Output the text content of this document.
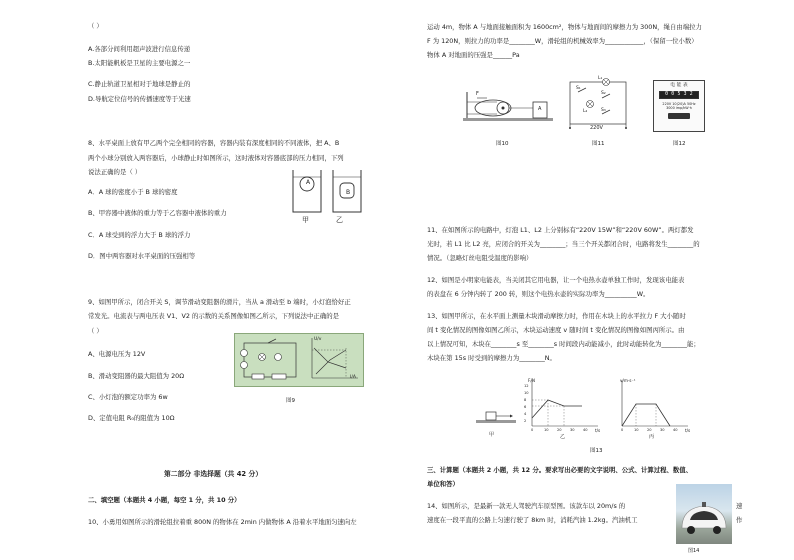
（ ）
A.各部分间利用超声波进行信息传递
B.太阳能帆板是卫星的主要电源之一
C.静止轨道卫星相对于地球是静止的
D.导航定位信号的传播速度等于光速
8、水平桌面上放有甲乙两个完全相同的容器，容器内装有深度相同的不同液体，把 A、B
两个小球分别放入两容器后，小球静止时如图所示，这时液体对容器底部的压力相同，下列
说法正确的是（ ）
A．A 球的密度小于 B 球的密度
B、甲容器中液体的重力等于乙容器中液体的重力
C．A 球受到的浮力大于 B 球的浮力
D．图中两容器对水平桌面的压强相等
A
B
甲	乙
9、如图甲所示，闭合开关 S，调节滑动变阻器的滑片，当从 a 滑动至 b 端时，小灯泡恰好正
常发光。电流表与两电压表 V1、V2 的示数的关系图像如图乙所示，下列说法中正确的是
（ ）
A、电源电压为 12V
B、滑动变阻器的最大阻值为 20Ω
C、小灯泡的额定功率为 6w
D、定值电阻 R₀的阻值为 10Ω
U/v
I/A
图9
第二部分 非选择题（共 42 分）
二、填空题（本题共 4 小题，每空 1 分，共 10 分）
10、小勇用如图所示的滑轮组拉着重 800N 的物体在 2min 内做物体 A 沿着水平地面匀速向左
运动 4m，物体 A 与地面接触面积为 1600cm²，物体与地面间的摩擦力为 300N，绳自由端拉力
F 为 120N，则拉力的功率是________W，滑轮组的机械效率为____________，（保留一位小数）
物体 A 对地面的压强是______Pa
F
A
图10
S₁
S₂
S₃
L₁
L₂
220V
图11
电 能 表
0 0 5 3 2
220V 10(20)A 50Hz
3000 imp/kW·h
图12
11、在如图所示的电路中，灯泡 L1、L2 上分别标有“220V 15W”和“220V 60W”。两灯都发
光时，若 L1 比 L2 亮，应闭合的开关为________；当三个开关都闭合时，电路将发生________的
情况。（忽略灯丝电阻受温度的影响）
12、如图是小明家电能表，当关闭其它用电器，让一个电热水壶单独工作时，发现该电能表
的表盘在 6 分钟内转了 200 转，则这个电热水壶的实际功率为__________W。
13、如图甲所示，在水平面上测量木块滑动摩擦力时，作用在木块上的水平拉力 F 大小随时
间 t 变化情况的图像如图乙所示，木块运动速度 v 随时间 t 变化情况的图像如图丙所示。由
以上情况可知，木块在________s 至________s 时间段内动能减小，此时动能转化为________能；
木块在第 15s 时受到的摩擦力为________N。
甲
F/N
t/s
乙
v/m·s⁻¹
t/s
丙
图13
三、计算题（本题共 2 小题，共 12 分。要求写出必要的文字说明、公式、计算过程、数值、
单位和答）
14、如图所示，是最新一款无人驾驶汽车原型图。该款车以 20m/s 的
速度在一段平直的公路上匀速行驶了 8km 时，消耗汽油 1.2kg。汽油机工
速
作
图14
0	10 20 30 40
12
10
8
6
4
2
0	10 20 30 40
